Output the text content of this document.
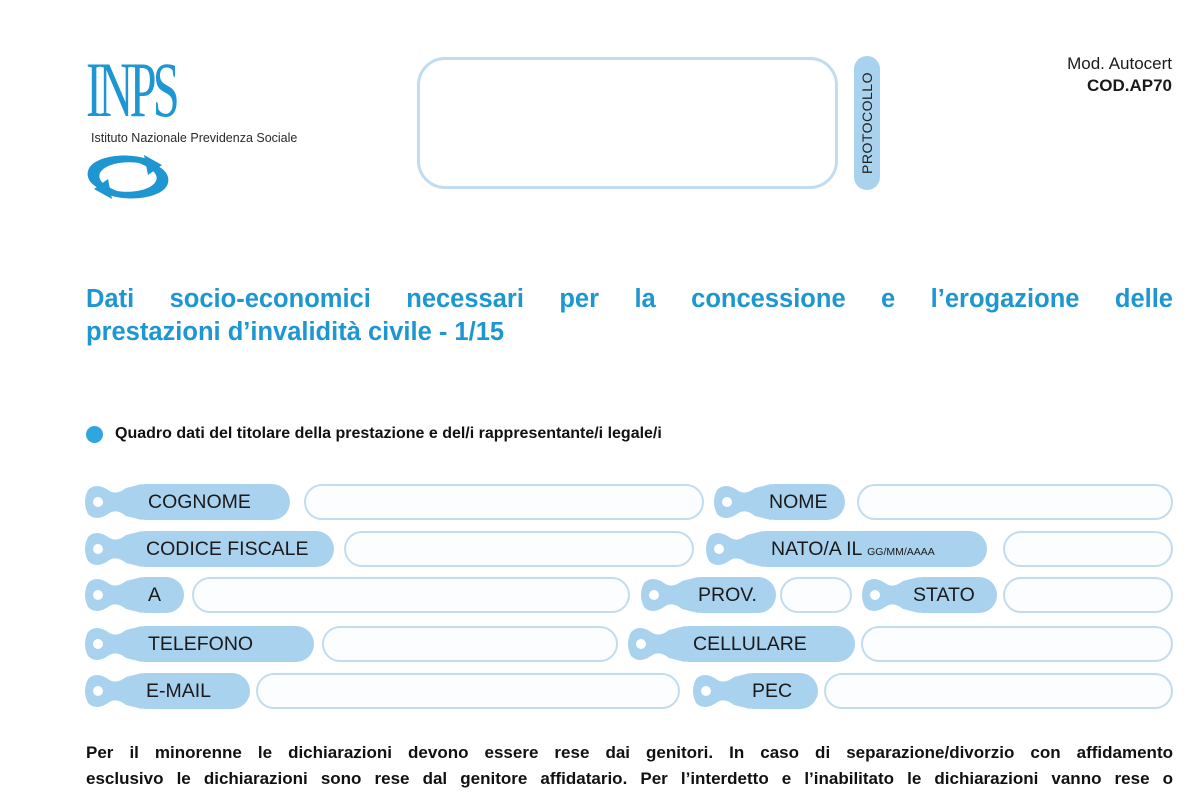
INPS
Istituto Nazionale Previdenza Sociale	PROTOCOLLO
Mod. Autocert
COD.AP70
Dati socio-economici necessari per la concessione e l’erogazione delle
prestazioni d’invalidità civile - 1/15
Quadro dati del titolare della prestazione e del/i rappresentante/i legale/i
COGNOME	NOME
CODICE FISCALE	NATO/A IL GG/MM/AAAA
A	PROV.	STATO
TELEFONO	CELLULARE
E-MAIL	PEC
Per il minorenne le dichiarazioni devono essere rese dai genitori. In caso di separazione/divorzio con affidamento
esclusivo le dichiarazioni sono rese dal genitore affidatario. Per l’interdetto e l’inabilitato le dichiarazioni vanno rese o
